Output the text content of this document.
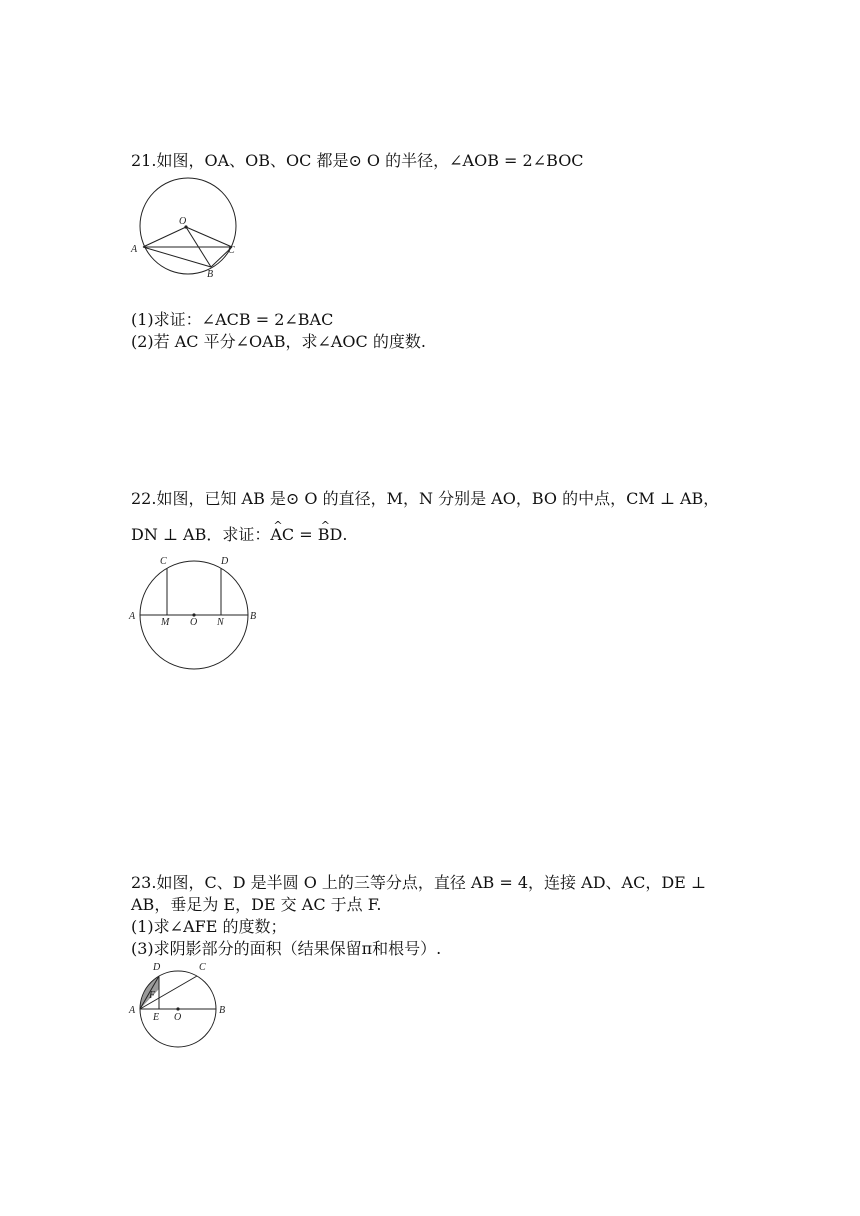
21.如图，OA、OB、OC 都是⊙ O 的半径，∠AOB = 2∠BOC
O
A	C
B
(1)求证：∠ACB = 2∠BAC
(2)若 AC 平分∠OAB，求∠AOC 的度数.
22.如图，已知 AB 是⊙ O 的直径，M，N 分别是 AO，BO 的中点，CM ⊥ AB，
DN ⊥ AB．求证：^ AC = ^ BD.
C	D
A	B
M O N
23.如图，C、D 是半圆 O 上的三等分点，直径 AB = 4，连接 AD、AC，DE ⊥
AB，垂足为 E，DE 交 AC 于点 F.
(1)求∠AFE 的度数；
(3)求阴影部分的面积（结果保留π和根号）.
D	C
A	B
F
E O
